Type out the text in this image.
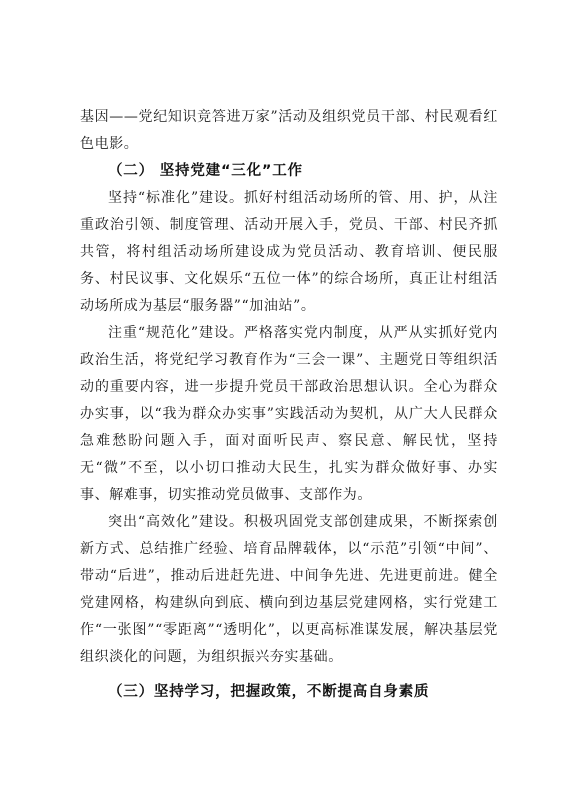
基因——党纪知识竞答进万家”活动及组织党员干部、村民观看红色电影。

（二） 坚持党建“三化”工作

坚持“标准化”建设。抓好村组活动场所的管、用、护，从注重政治引领、制度管理、活动开展入手，党员、干部、村民齐抓共管，将村组活动场所建设成为党员活动、教育培训、便民服务、村民议事、文化娱乐“五位一体”的综合场所，真正让村组活动场所成为基层“服务器”“加油站”。

注重“规范化”建设。严格落实党内制度，从严从实抓好党内政治生活，将党纪学习教育作为“三会一课”、主题党日等组织活动的重要内容，进一步提升党员干部政治思想认识。全心为群众办实事，以“我为群众办实事”实践活动为契机，从广大人民群众急难愁盼问题入手，面对面听民声、察民意、解民忧，坚持无“微”不至，以小切口推动大民生，扎实为群众做好事、办实事、解难事，切实推动党员做事、支部作为。

突出“高效化”建设。积极巩固党支部创建成果，不断探索创新方式、总结推广经验、培育品牌载体，以“示范”引领“中间”、带动“后进”，推动后进赶先进、中间争先进、先进更前进。健全党建网格，构建纵向到底、横向到边基层党建网格，实行党建工作“一张图”“零距离”“透明化”，以更高标准谋发展，解决基层党组织淡化的问题，为组织振兴夯实基础。

（三）坚持学习，把握政策，不断提高自身素质
